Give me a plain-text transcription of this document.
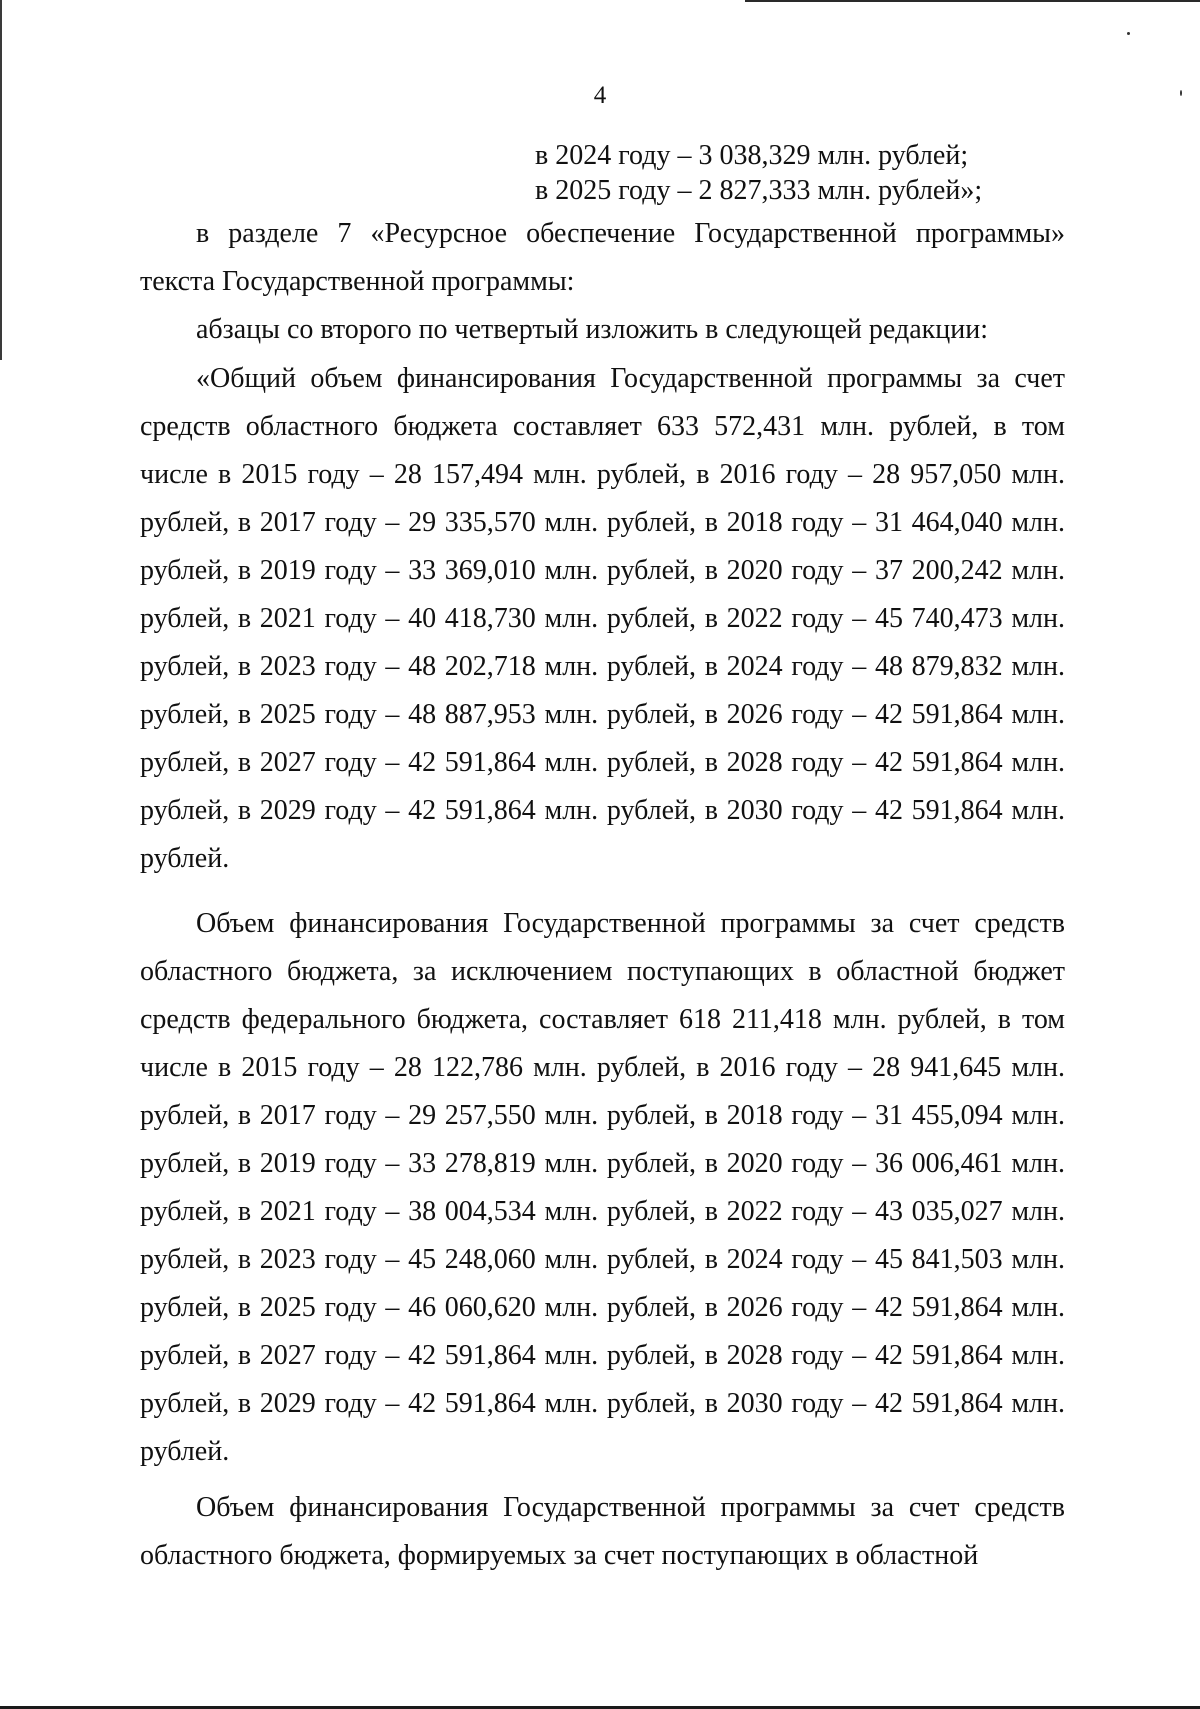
4
в 2024 году – 3 038,329 млн. рублей;
в 2025 году – 2 827,333 млн. рублей»;

в разделе 7 «Ресурсное обеспечение Государственной программы» текста Государственной программы:

абзацы со второго по четвертый изложить в следующей редакции:

«Общий объем финансирования Государственной программы за счет средств областного бюджета составляет 633 572,431 млн. рублей, в том числе в 2015 году – 28 157,494 млн. рублей, в 2016 году – 28 957,050 млн. рублей, в 2017 году – 29 335,570 млн. рублей, в 2018 году – 31 464,040 млн. рублей, в 2019 году – 33 369,010 млн. рублей, в 2020 году – 37 200,242 млн. рублей, в 2021 году – 40 418,730 млн. рублей, в 2022 году – 45 740,473 млн. рублей, в 2023 году – 48 202,718 млн. рублей, в 2024 году – 48 879,832 млн. рублей, в 2025 году – 48 887,953 млн. рублей, в 2026 году – 42 591,864 млн. рублей, в 2027 году – 42 591,864 млн. рублей, в 2028 году – 42 591,864 млн. рублей, в 2029 году – 42 591,864 млн. рублей, в 2030 году – 42 591,864 млн. рублей.

Объем финансирования Государственной программы за счет средств областного бюджета, за исключением поступающих в областной бюджет средств федерального бюджета, составляет 618 211,418 млн. рублей, в том числе в 2015 году – 28 122,786 млн. рублей, в 2016 году – 28 941,645 млн. рублей, в 2017 году – 29 257,550 млн. рублей, в 2018 году – 31 455,094 млн. рублей, в 2019 году – 33 278,819 млн. рублей, в 2020 году – 36 006,461 млн. рублей, в 2021 году – 38 004,534 млн. рублей, в 2022 году – 43 035,027 млн. рублей, в 2023 году – 45 248,060 млн. рублей, в 2024 году – 45 841,503 млн. рублей, в 2025 году – 46 060,620 млн. рублей, в 2026 году – 42 591,864 млн. рублей, в 2027 году – 42 591,864 млн. рублей, в 2028 году – 42 591,864 млн. рублей, в 2029 году – 42 591,864 млн. рублей, в 2030 году – 42 591,864 млн. рублей.

Объем финансирования Государственной программы за счет средств областного бюджета, формируемых за счет поступающих в областной
